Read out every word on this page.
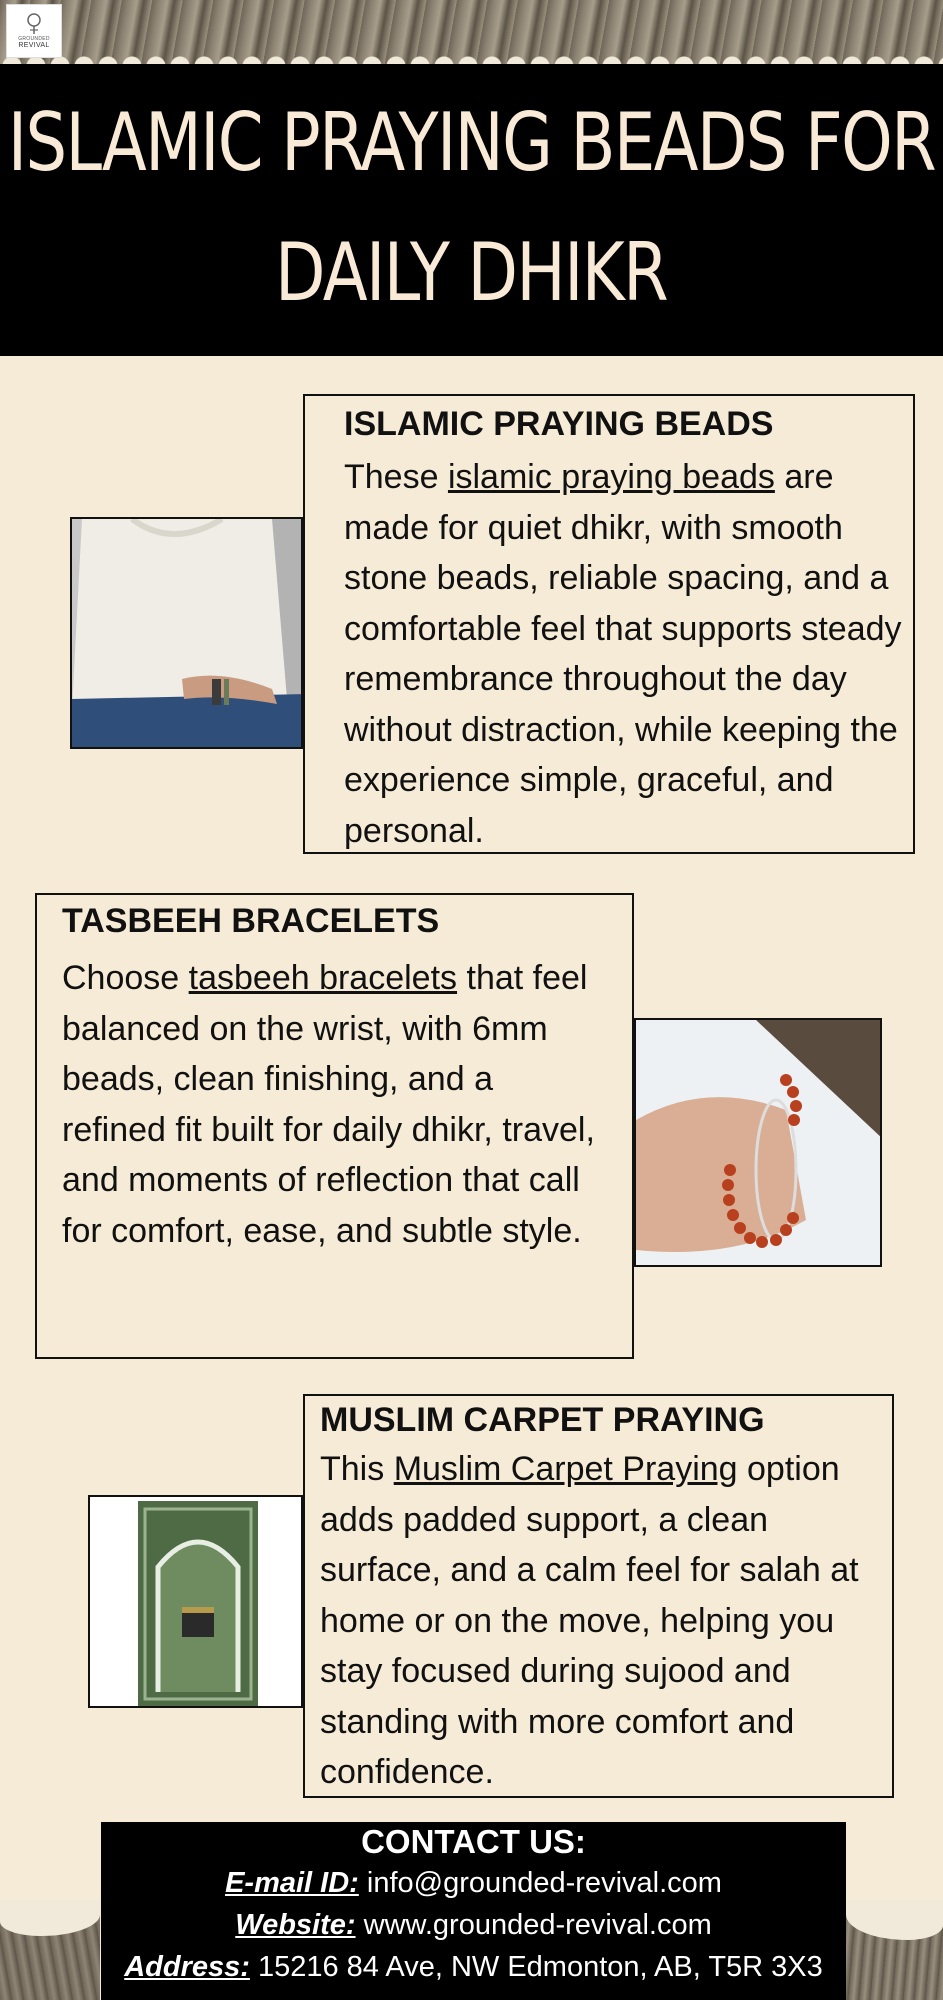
GROUNDED
REVIVAL
ISLAMIC PRAYING BEADS FOR
DAILY DHIKR
ISLAMIC PRAYING BEADS

These islamic praying beads are made for quiet dhikr, with smooth stone beads, reliable spacing, and a comfortable feel that supports steady remembrance throughout the day without distraction, while keeping the experience simple, graceful, and personal.

TASBEEH BRACELETS

Choose tasbeeh bracelets that feel balanced on the wrist, with 6mm beads, clean finishing, and a refined fit built for daily dhikr, travel, and moments of reflection that call for comfort, ease, and subtle style.

MUSLIM CARPET PRAYING

This Muslim Carpet Praying option adds padded support, a clean surface, and a calm feel for salah at home or on the move, helping you stay focused during sujood and standing with more comfort and confidence.

CONTACT US:
E-mail ID: info@grounded-revival.com
Website: www.grounded-revival.com
Address: 15216 84 Ave, NW Edmonton, AB, T5R 3X3
